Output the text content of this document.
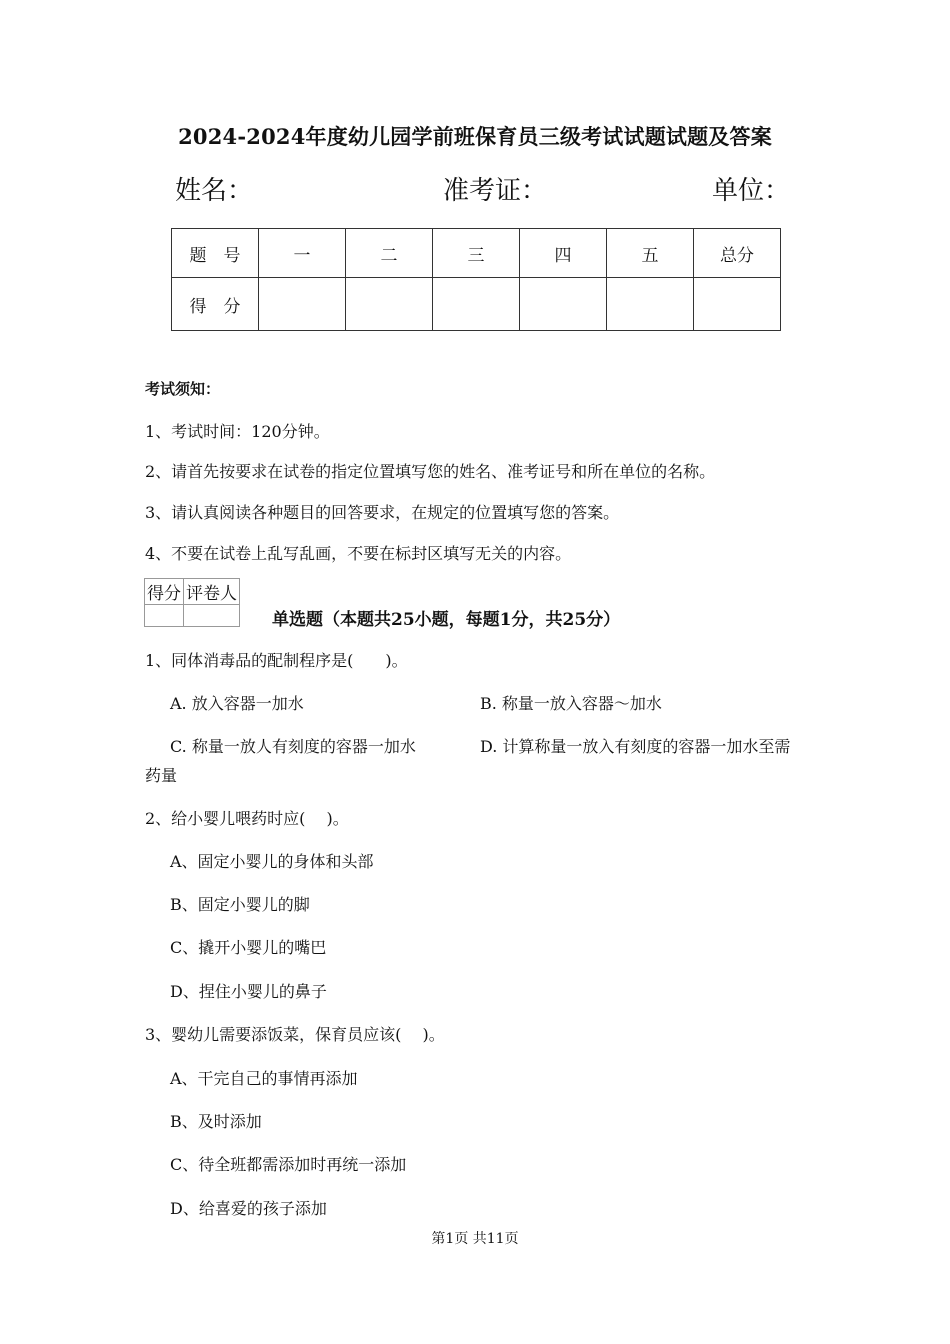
2024-2024年度幼儿园学前班保育员三级考试试题试题及答案
姓名：	准考证：	单位：
题　号	一	二	三	四	五	总分
得　分						
考试须知：
1、考试时间：120分钟。
2、请首先按要求在试卷的指定位置填写您的姓名、准考证号和所在单位的名称。
3、请认真阅读各种题目的回答要求，在规定的位置填写您的答案。
4、不要在试卷上乱写乱画，不要在标封区填写无关的内容。
得分	评卷人

单选题（本题共25小题，每题1分，共25分）
1、同体消毒品的配制程序是(　　)。
A. 放入容器一加水	B. 称量一放入容器～加水
C. 称量一放人有刻度的容器一加水	D. 计算称量一放入有刻度的容器一加水至需
药量
2、给小婴儿喂药时应(　 )。
A、固定小婴儿的身体和头部
B、固定小婴儿的脚
C、撬开小婴儿的嘴巴
D、捏住小婴儿的鼻子
3、婴幼儿需要添饭菜，保育员应该(　 )。
A、干完自己的事情再添加
B、及时添加
C、待全班都需添加时再统一添加
D、给喜爱的孩子添加
第1页 共11页
